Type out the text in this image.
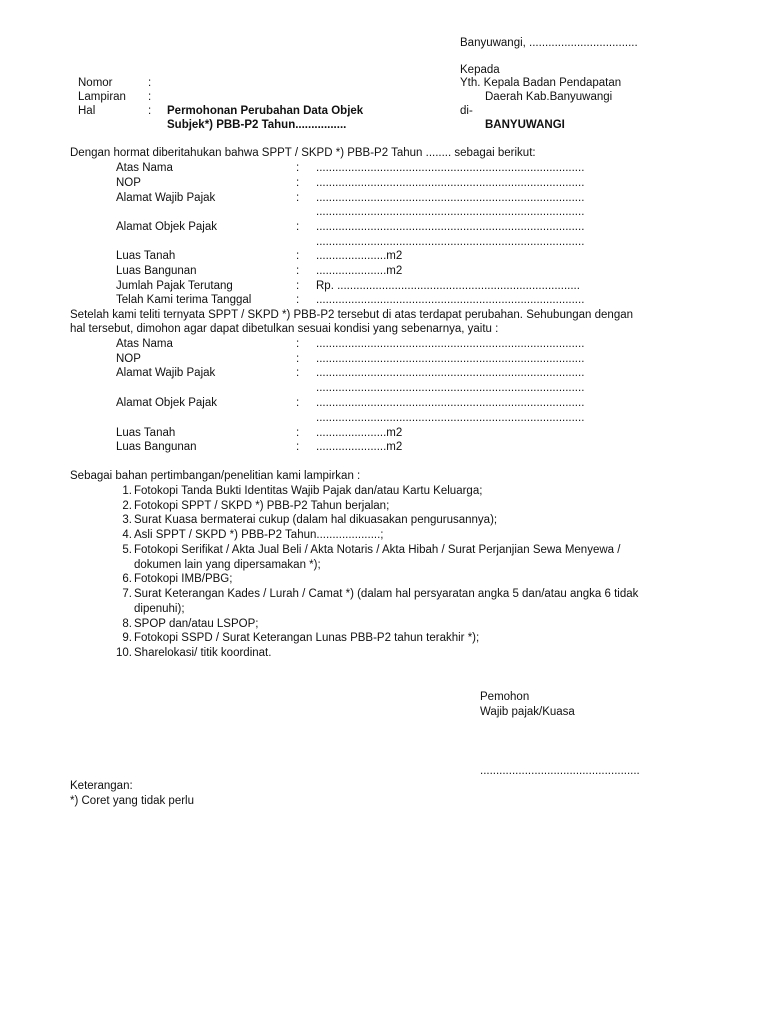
Banyuwangi, ..................................
Kepada
Yth. Kepala Badan Pendapatan
Daerah Kab.Banyuwangi
di-
BANYUWANGI
Nomor	:
Lampiran :
Hal	: Permohonan Perubahan Data Objek
Subjek*) PBB-P2 Tahun................
Dengan hormat diberitahukan bahwa SPPT / SKPD *) PBB-P2 Tahun ........ sebagai berikut:
Atas Nama	: ....................................................................................
NOP	: ....................................................................................
Alamat Wajib Pajak	: ....................................................................................
....................................................................................
Alamat Objek Pajak	: ....................................................................................
....................................................................................
Luas Tanah	: ......................m2
Luas Bangunan	: ......................m2
Jumlah Pajak Terutang	: Rp. ............................................................................
Telah Kami terima Tanggal	: ....................................................................................
Setelah kami teliti ternyata SPPT / SKPD *) PBB-P2 tersebut di atas terdapat perubahan. Sehubungan dengan
hal tersebut, dimohon agar dapat dibetulkan sesuai kondisi yang sebenarnya, yaitu :
Atas Nama	: ....................................................................................
NOP	: ....................................................................................
Alamat Wajib Pajak	: ....................................................................................
....................................................................................
Alamat Objek Pajak	: ....................................................................................
....................................................................................
Luas Tanah	: ......................m2
Luas Bangunan	: ......................m2
Sebagai bahan pertimbangan/penelitian kami lampirkan :
1. Fotokopi Tanda Bukti Identitas Wajib Pajak dan/atau Kartu Keluarga;
2. Fotokopi SPPT / SKPD *) PBB-P2 Tahun berjalan;
3. Surat Kuasa bermaterai cukup (dalam hal dikuasakan pengurusannya);
4. Asli SPPT / SKPD *) PBB-P2 Tahun....................;
5. Fotokopi Serifikat / Akta Jual Beli / Akta Notaris / Akta Hibah / Surat Perjanjian Sewa Menyewa /
dokumen lain yang dipersamakan *);
6. Fotokopi IMB/PBG;
7. Surat Keterangan Kades / Lurah / Camat *) (dalam hal persyaratan angka 5 dan/atau angka 6 tidak
dipenuhi);
8. SPOP dan/atau LSPOP;
9. Fotokopi SSPD / Surat Keterangan Lunas PBB-P2 tahun terakhir *);
10. Sharelokasi/ titik koordinat.
Pemohon
Wajib pajak/Kuasa
..................................................
Keterangan:
*) Coret yang tidak perlu
